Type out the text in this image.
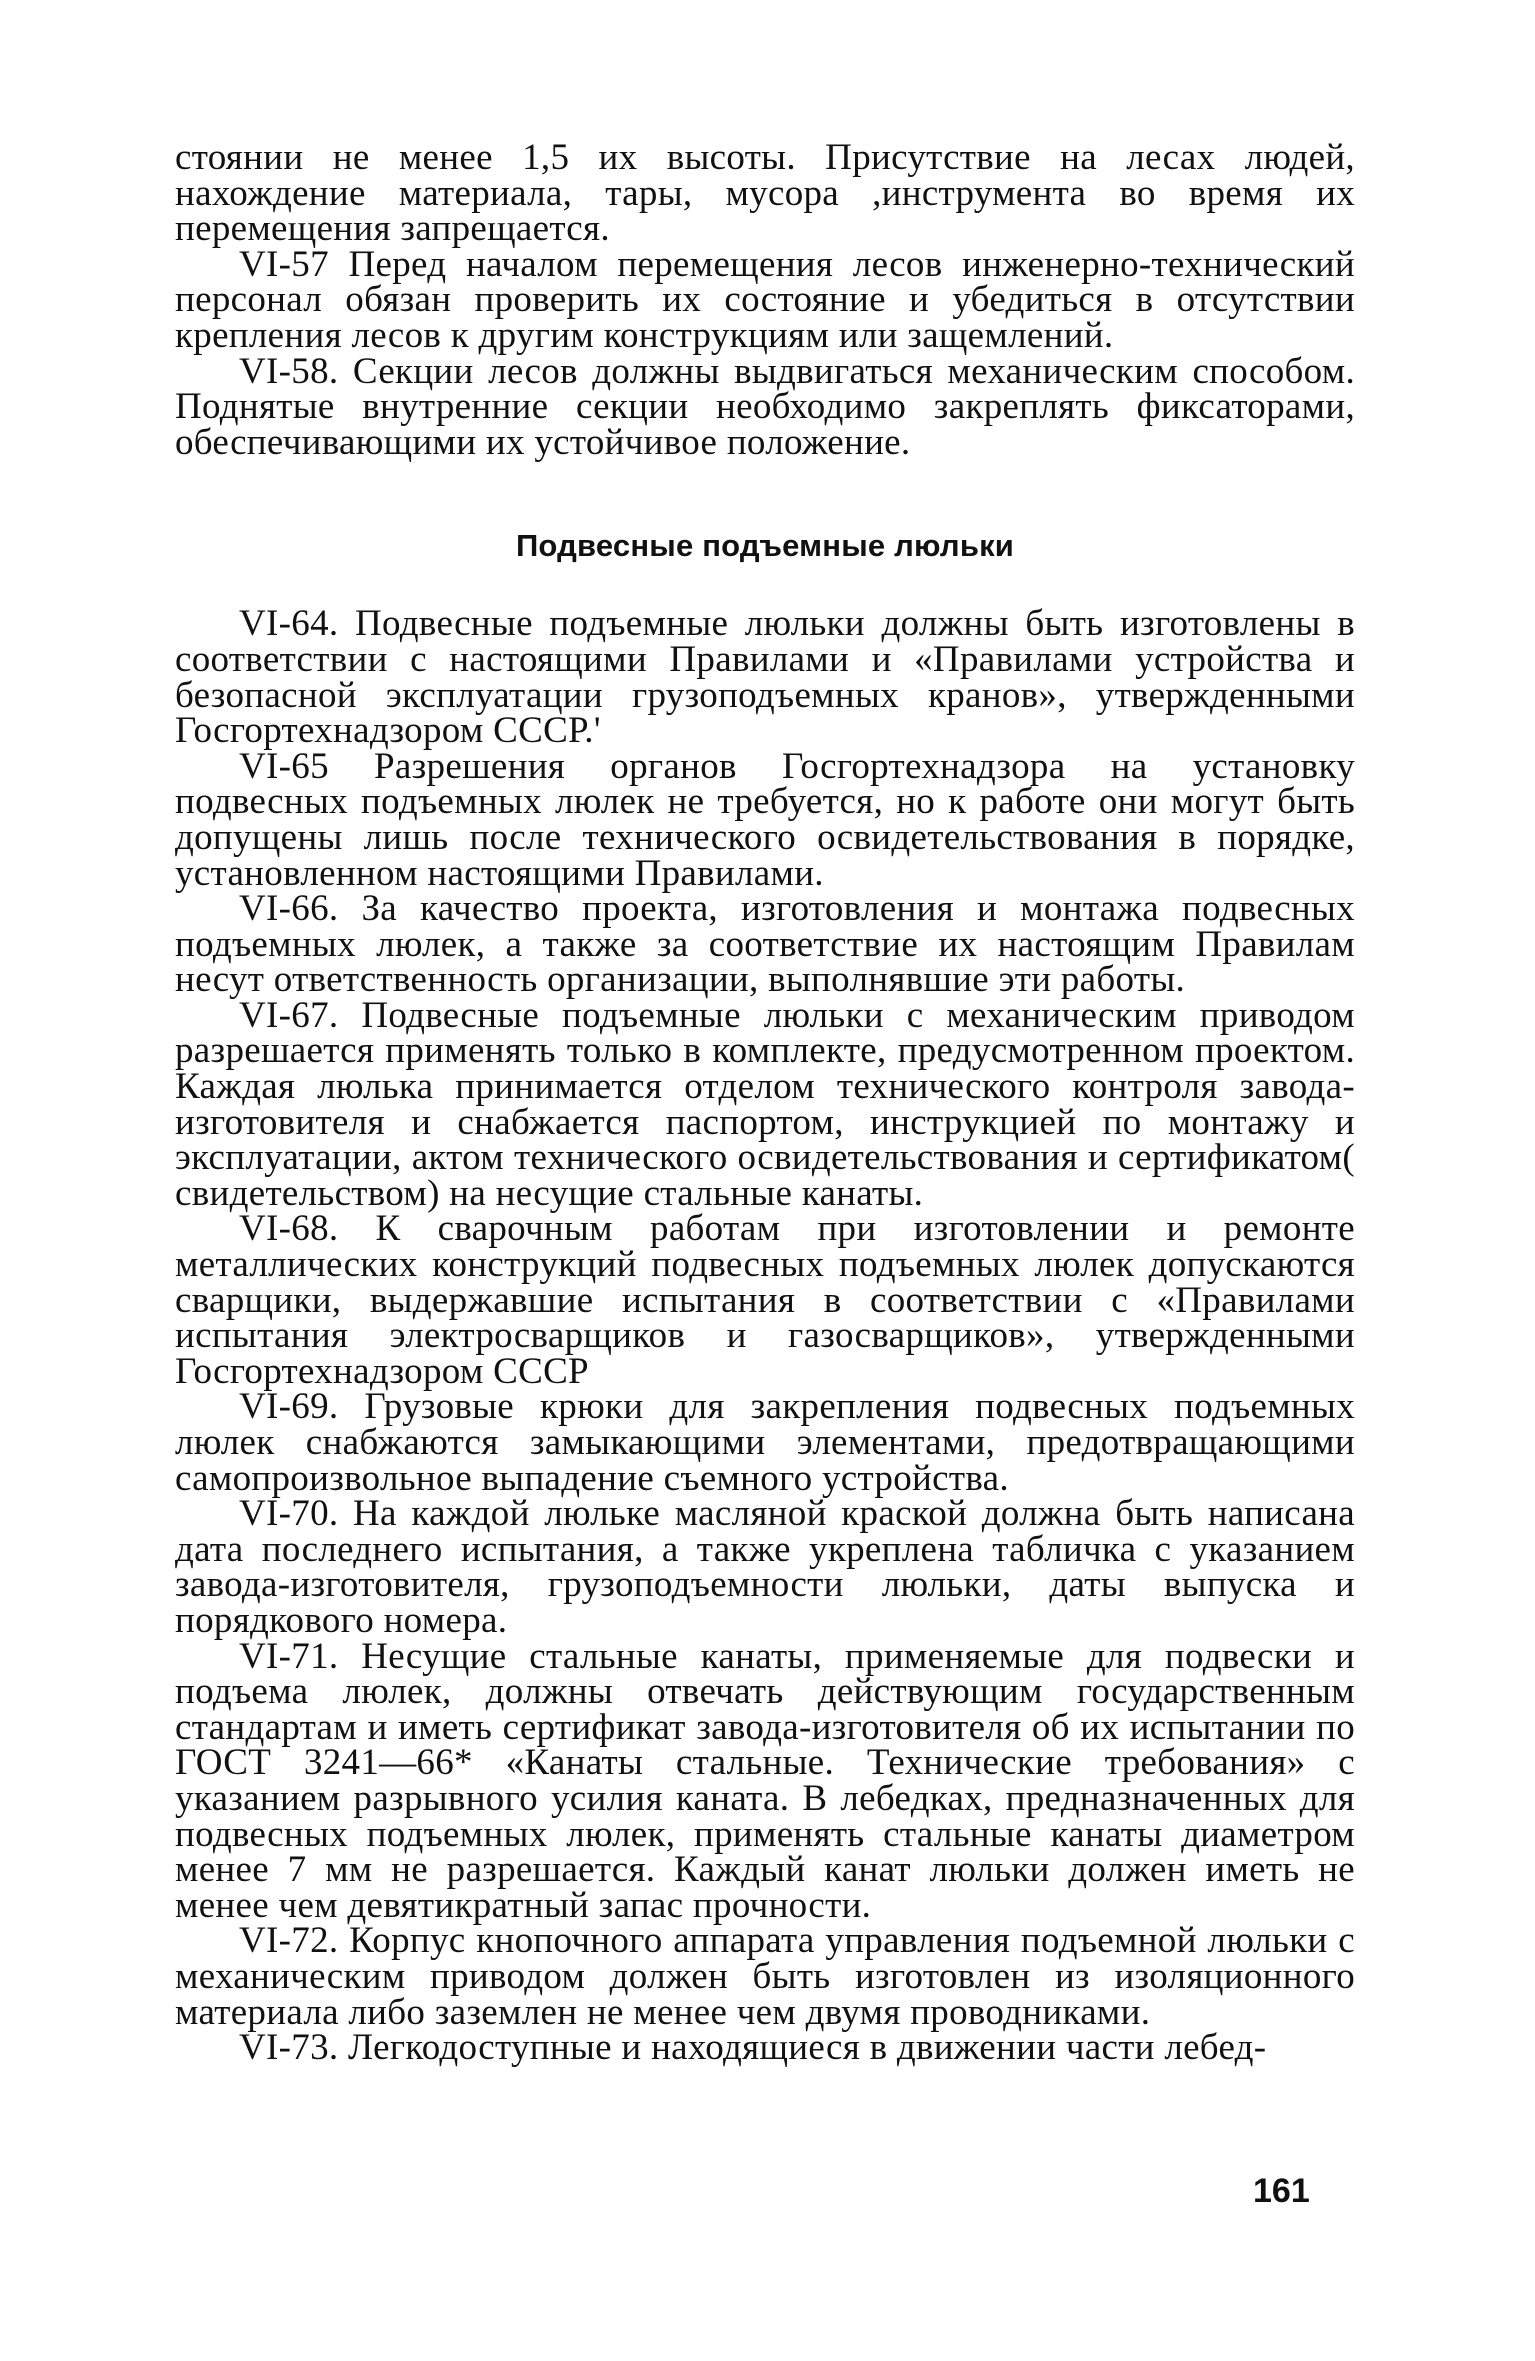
стоянии не менее 1,5 их высоты. Присутствие на лесах людей, нахождение материала, тары, мусора ,инструмента во время их перемещения запрещается.

VI-57 Перед началом перемещения лесов инженерно-технический персонал обязан проверить их состояние и убедиться в отсутствии крепления лесов к другим конструкциям или защемлений.

VI-58. Секции лесов должны выдвигаться механическим способом. Поднятые внутренние секции необходимо закреплять фиксаторами, обеспечивающими их устойчивое положение.

Подвесные подъемные люльки

VI-64. Подвесные подъемные люльки должны быть изготовлены в соответствии с настоящими Правилами и «Правилами устройства и безопасной эксплуатации грузоподъемных кранов», утвержденными Госгортехнадзором СССР.'

VI-65 Разрешения органов Госгортехнадзора на установку подвесных подъемных люлек не требуется, но к работе они могут быть допущены лишь после технического освидетельствования в порядке, установленном настоящими Правилами.

VI-66. За качество проекта, изготовления и монтажа подвесных подъемных люлек, а также за соответствие их настоящим Правилам несут ответственность организации, выполнявшие эти работы.

VI-67. Подвесные подъемные люльки с механическим приводом разрешается применять только в комплекте, предусмотренном проектом. Каждая люлька принимается отделом технического контроля завода-изготовителя и снабжается паспортом, инструкцией по монтажу и эксплуатации, актом технического освидетельствования и сертификатом( свидетельством) на несущие стальные канаты.

VI-68. К сварочным работам при изготовлении и ремонте металлических конструкций подвесных подъемных люлек допускаются сварщики, выдержавшие испытания в соответствии с «Правилами испытания электросварщиков и газосварщиков», утвержденными Госгортехнадзором СССР

VI-69. Грузовые крюки для закрепления подвесных подъемных люлек снабжаются замыкающими элементами, предотвращающими самопроизвольное выпадение съемного устройства.

VI-70. На каждой люльке масляной краской должна быть написана дата последнего испытания, а также укреплена табличка с указанием завода-изготовителя, грузоподъемности люльки, даты выпуска и порядкового номера.

VI-71. Несущие стальные канаты, применяемые для подвески и подъема люлек, должны отвечать действующим государственным стандартам и иметь сертификат завода-изготовителя об их испытании по ГОСТ 3241—66* «Канаты стальные. Технические требования» с указанием разрывного усилия каната. В лебедках, предназначенных для подвесных подъемных люлек, применять стальные канаты диаметром менее 7 мм не разрешается. Каждый канат люльки должен иметь не менее чем девятикратный запас прочности.

VI-72. Корпус кнопочного аппарата управления подъемной люльки с механическим приводом должен быть изготовлен из изоляционного материала либо заземлен не менее чем двумя проводниками.

VI-73. Легкодоступные и находящиеся в движении части лебед-

161
